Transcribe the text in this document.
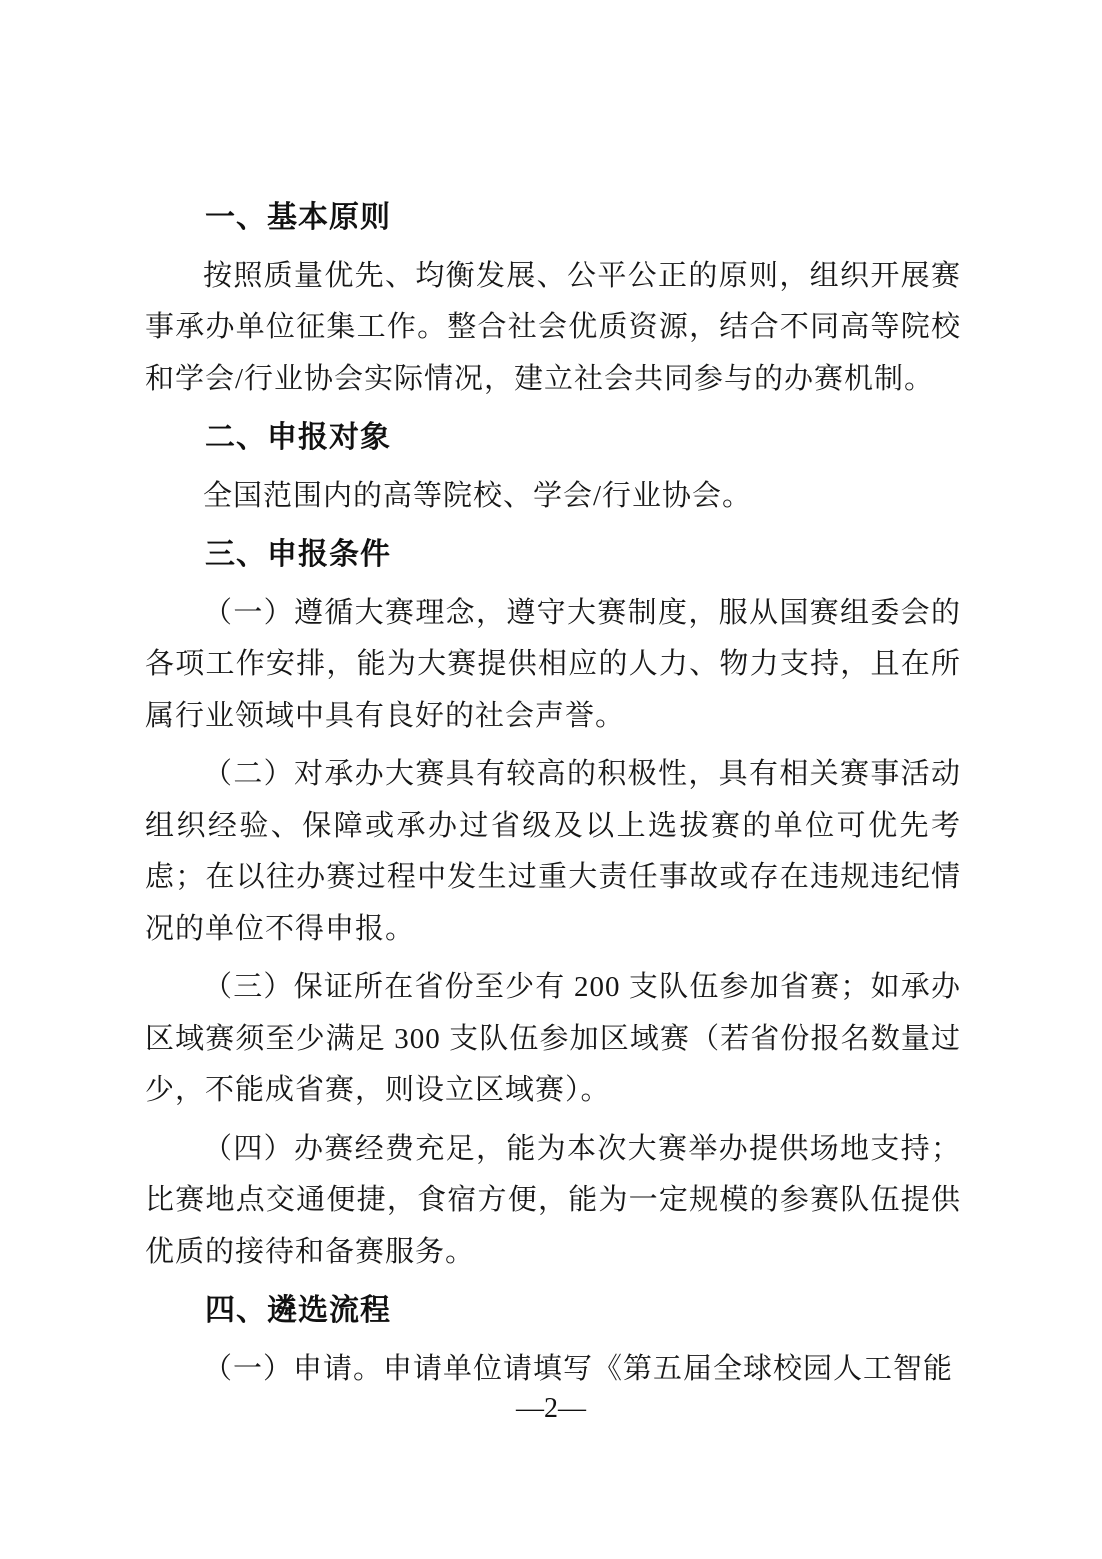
一、基本原则

按照质量优先、均衡发展、公平公正的原则，组织开展赛事承办单位征集工作。整合社会优质资源，结合不同高等院校和学会/行业协会实际情况，建立社会共同参与的办赛机制。

二、申报对象

全国范围内的高等院校、学会/行业协会。

三、申报条件

（一）遵循大赛理念，遵守大赛制度，服从国赛组委会的各项工作安排，能为大赛提供相应的人力、物力支持，且在所属行业领域中具有良好的社会声誉。

（二）对承办大赛具有较高的积极性，具有相关赛事活动组织经验、保障或承办过省级及以上选拔赛的单位可优先考虑；在以往办赛过程中发生过重大责任事故或存在违规违纪情况的单位不得申报。

（三）保证所在省份至少有 200 支队伍参加省赛；如承办区域赛须至少满足 300 支队伍参加区域赛（若省份报名数量过少，不能成省赛，则设立区域赛）。

（四）办赛经费充足，能为本次大赛举办提供场地支持；比赛地点交通便捷，食宿方便，能为一定规模的参赛队伍提供优质的接待和备赛服务。

四、遴选流程

（一）申请。申请单位请填写《第五届全球校园人工智能

—2—
